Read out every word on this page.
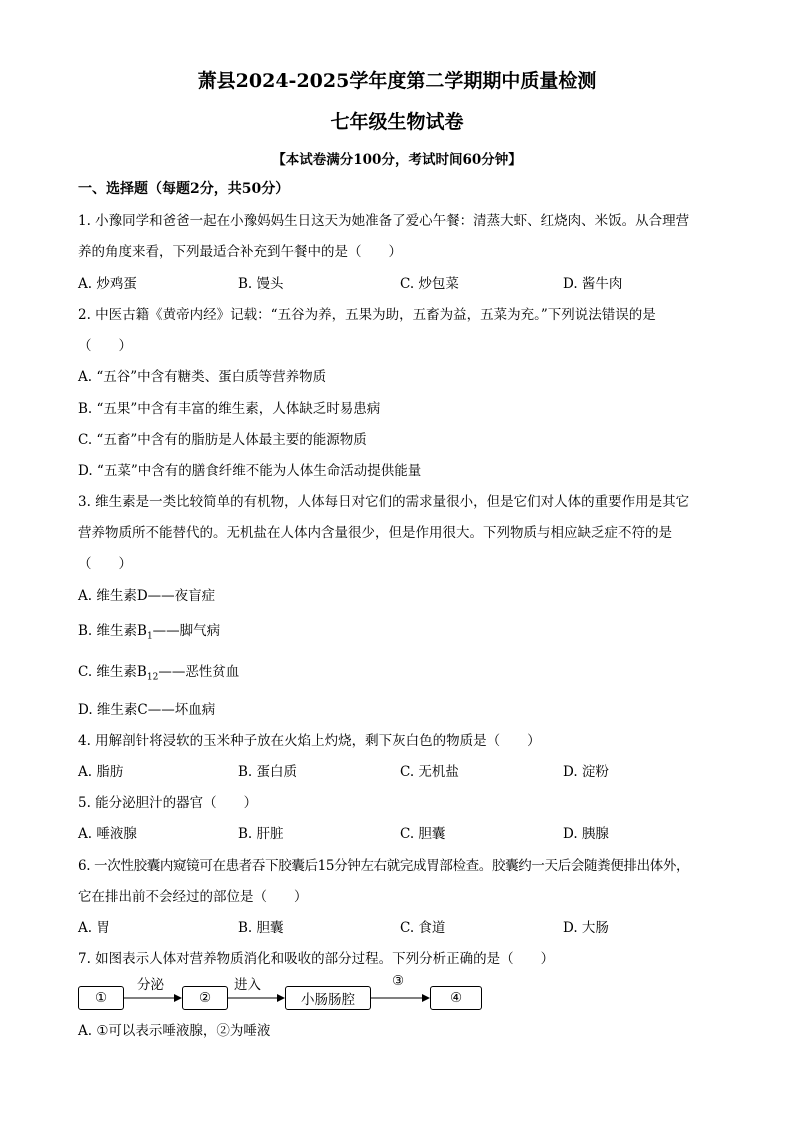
萧县2024-2025学年度第二学期期中质量检测
七年级生物试卷
【本试卷满分100分，考试时间60分钟】
一、选择题（每题2分，共50分）
1. 小豫同学和爸爸一起在小豫妈妈生日这天为她准备了爱心午餐：清蒸大虾、红烧肉、米饭。从合理营
养的角度来看，下列最适合补充到午餐中的是（　　）
A. 炒鸡蛋	B. 馒头	C. 炒包菜	D. 酱牛肉
2. 中医古籍《黄帝内经》记载：“五谷为养，五果为助，五畜为益，五菜为充。”下列说法错误的是
（　　）
A. “五谷”中含有糖类、蛋白质等营养物质
B. “五果”中含有丰富的维生素，人体缺乏时易患病
C. “五畜”中含有的脂肪是人体最主要的能源物质
D. “五菜”中含有的膳食纤维不能为人体生命活动提供能量
3. 维生素是一类比较简单的有机物，人体每日对它们的需求量很小，但是它们对人体的重要作用是其它
营养物质所不能替代的。无机盐在人体内含量很少，但是作用很大。下列物质与相应缺乏症不符的是
（　　）
A. 维生素D——夜盲症
B. 维生素$B_1——$脚气病
C. 维生素$B_{12}——$恶性贫血
D. 维生素C——坏血病
4. 用解剖针将浸软的玉米种子放在火焰上灼烧，剩下灰白色的物质是（　　）
A. 脂肪	B. 蛋白质	C. 无机盐	D. 淀粉
5. 能分泌胆汁的器官（　　）
A. 唾液腺	B. 肝脏	C. 胆囊	D. 胰腺
6. 一次性胶囊内窥镜可在患者吞下胶囊后15分钟左右就完成胃部检查。胶囊约一天后会随粪便排出体外，
它在排出前不会经过的部位是（　　）
A. 胃	B. 胆囊	C. 食道	D. 大肠
7. 如图表示人体对营养物质消化和吸收的部分过程。下列分析正确的是（　　）
①
分泌
②
进入
小肠肠腔
③
④
A. ①可以表示唾液腺，②为唾液
